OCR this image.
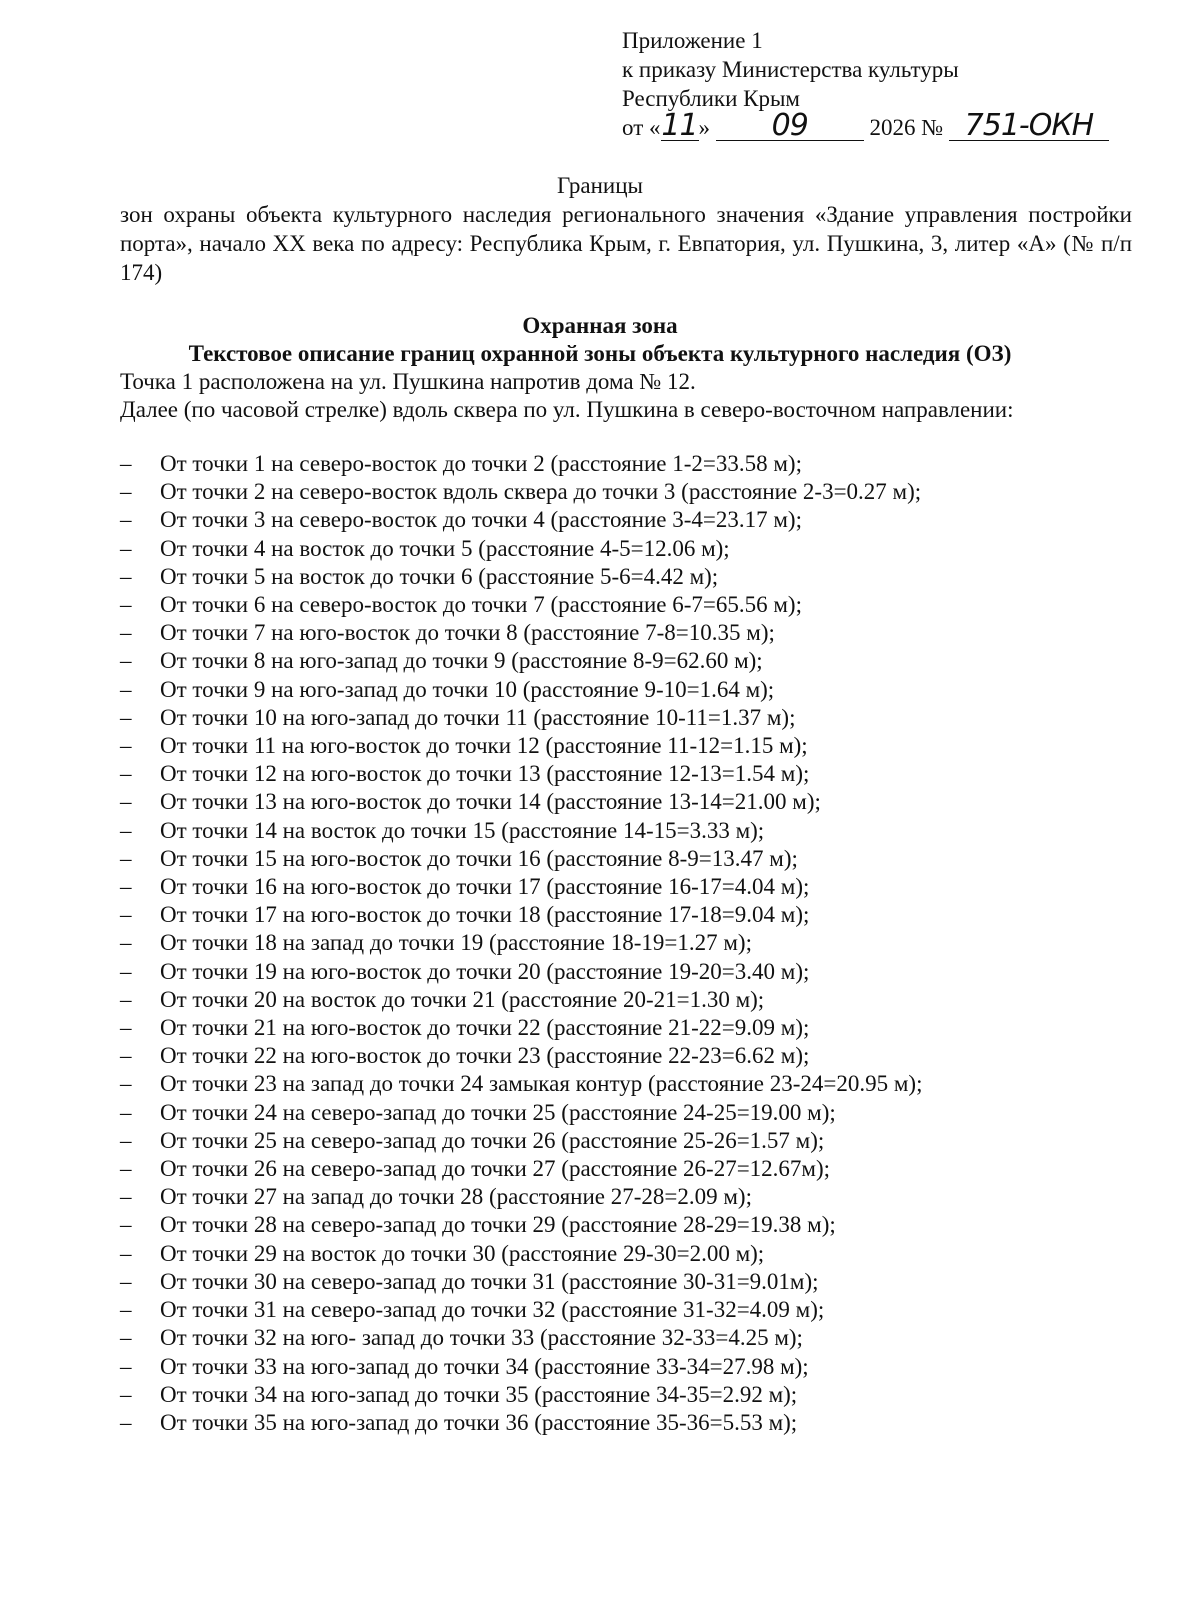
Приложение 1
к приказу Министерства культуры
Республики Крым
от «11» 09	2026 № 751-ОКН
Границы
зон охраны объекта культурного наследия регионального значения «Здание управления постройки порта», начало XX века по адресу: Республика Крым, г. Евпатория, ул. Пушкина, 3, литер «А» (№ п/п 174)
Охранная зона
Текстовое описание границ охранной зоны объекта культурного наследия (ОЗ)
Точка 1 расположена на ул. Пушкина напротив дома № 12.
Далее (по часовой стрелке) вдоль сквера по ул. Пушкина в северо-восточном направлении:
– От точки 1 на северо-восток до точки 2 (расстояние 1-2=33.58 м);
– От точки 2 на северо-восток вдоль сквера до точки 3 (расстояние 2-3=0.27 м);
– От точки 3 на северо-восток до точки 4 (расстояние 3-4=23.17 м);
– От точки 4 на восток до точки 5 (расстояние 4-5=12.06 м);
– От точки 5 на восток до точки 6 (расстояние 5-6=4.42 м);
– От точки 6 на северо-восток до точки 7 (расстояние 6-7=65.56 м);
– От точки 7 на юго-восток до точки 8 (расстояние 7-8=10.35 м);
– От точки 8 на юго-запад до точки 9 (расстояние 8-9=62.60 м);
– От точки 9 на юго-запад до точки 10 (расстояние 9-10=1.64 м);
– От точки 10 на юго-запад до точки 11 (расстояние 10-11=1.37 м);
– От точки 11 на юго-восток до точки 12 (расстояние 11-12=1.15 м);
– От точки 12 на юго-восток до точки 13 (расстояние 12-13=1.54 м);
– От точки 13 на юго-восток до точки 14 (расстояние 13-14=21.00 м);
– От точки 14 на восток до точки 15 (расстояние 14-15=3.33 м);
– От точки 15 на юго-восток до точки 16 (расстояние 8-9=13.47 м);
– От точки 16 на юго-восток до точки 17 (расстояние 16-17=4.04 м);
– От точки 17 на юго-восток до точки 18 (расстояние 17-18=9.04 м);
– От точки 18 на запад до точки 19 (расстояние 18-19=1.27 м);
– От точки 19 на юго-восток до точки 20 (расстояние 19-20=3.40 м);
– От точки 20 на восток до точки 21 (расстояние 20-21=1.30 м);
– От точки 21 на юго-восток до точки 22 (расстояние 21-22=9.09 м);
– От точки 22 на юго-восток до точки 23 (расстояние 22-23=6.62 м);
– От точки 23 на запад до точки 24 замыкая контур (расстояние 23-24=20.95 м);
– От точки 24 на северо-запад до точки 25 (расстояние 24-25=19.00 м);
– От точки 25 на северо-запад до точки 26 (расстояние 25-26=1.57 м);
– От точки 26 на северо-запад до точки 27 (расстояние 26-27=12.67м);
– От точки 27 на запад до точки 28 (расстояние 27-28=2.09 м);
– От точки 28 на северо-запад до точки 29 (расстояние 28-29=19.38 м);
– От точки 29 на восток до точки 30 (расстояние 29-30=2.00 м);
– От точки 30 на северо-запад до точки 31 (расстояние 30-31=9.01м);
– От точки 31 на северо-запад до точки 32 (расстояние 31-32=4.09 м);
– От точки 32 на юго- запад до точки 33 (расстояние 32-33=4.25 м);
– От точки 33 на юго-запад до точки 34 (расстояние 33-34=27.98 м);
– От точки 34 на юго-запад до точки 35 (расстояние 34-35=2.92 м);
– От точки 35 на юго-запад до точки 36 (расстояние 35-36=5.53 м);
